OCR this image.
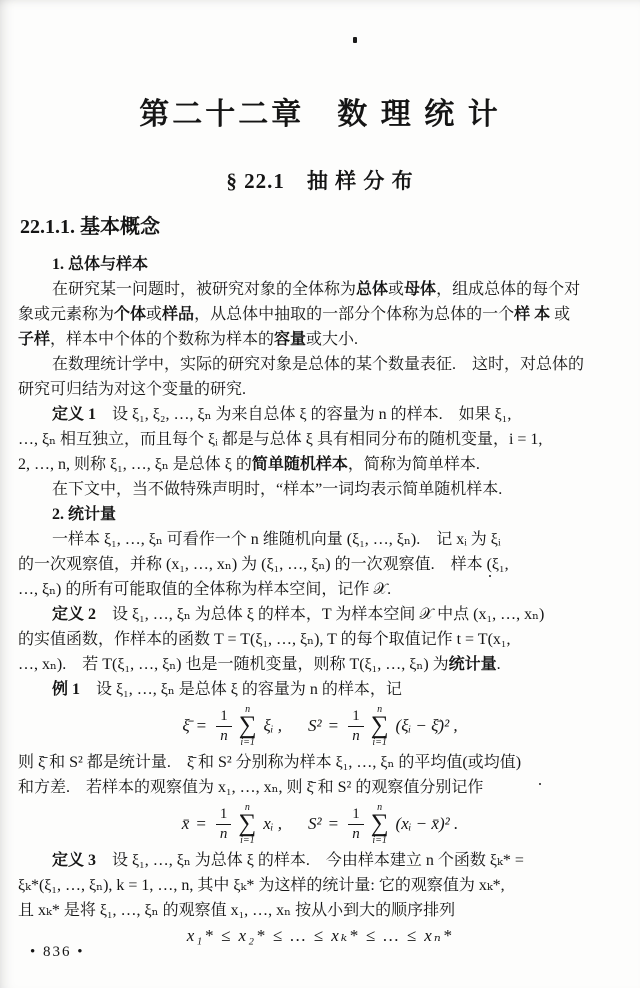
第二十二章　数 理 统 计
§ 22.1　抽 样 分 布
22.1.1. 基本概念
1. 总体与样本
在研究某一问题时，被研究对象的全体称为总体或母体，组成总体的每个对
象或元素称为个体或样品，从总体中抽取的一部分个体称为总体的一个样 本 或
子样，样本中个体的个数称为样本的容量或大小.
在数理统计学中，实际的研究对象是总体的某个数量表征.　这时，对总体的
研究可归结为对这个变量的研究.
定义 1　设 ξ₁, ξ₂, …, ξₙ 为来自总体 ξ 的容量为 n 的样本.　如果 ξ₁,
…, ξₙ 相互独立，而且每个 ξᵢ 都是与总体 ξ 具有相同分布的随机变量，i = 1,
2, …, n, 则称 ξ₁, …, ξₙ 是总体 ξ 的简单随机样本，简称为简单样本.
在下文中，当不做特殊声明时，“样本”一词均表示简单随机样本.
2. 统计量
一样本 ξ₁, …, ξₙ 可看作一个 n 维随机向量 (ξ₁, …, ξₙ).　记 xᵢ 为 ξᵢ
的一次观察值，并称 (x₁, …, xₙ) 为 (ξ₁, …, ξₙ) 的一次观察值.　样本 (ξ₁,
…, ξₙ) 的所有可能取值的全体称为样本空间，记作 𝒳.
定义 2　设 ξ₁, …, ξₙ 为总体 ξ 的样本，T 为样本空间 𝒳 中点 (x₁, …, xₙ)
的实值函数，作样本的函数 T = T(ξ₁, …, ξₙ), T 的每个取值记作 t = T(x₁,
…, xₙ).　若 T(ξ₁, …, ξₙ) 也是一随机变量，则称 T(ξ₁, …, ξₙ) 为统计量.
例 1　设 ξ₁, …, ξₙ 是总体 ξ 的容量为 n 的样本，记
ξ̄ = $\frac{1}{n}$ n
∑
i=1
ξᵢ , $S^2 = \frac{1}{n}$ n
∑
i=1
(ξᵢ − ξ̄)² ,
则 ξ̄ 和 S² 都是统计量.　ξ̄ 和 S² 分别称为样本 ξ₁, …, ξₙ 的平均值(或均值)
和方差.　若样本的观察值为 x₁, …, xₙ, 则 ξ̄ 和 S² 的观察值分别记作
x̄ = $\frac{1}{n}$ n
∑
i=1
xᵢ , $S^2 = \frac{1}{n}$ n
∑
i=1
(xᵢ − x̄)² .
定义 3　设 ξ₁, …, ξₙ 为总体 ξ 的样本.　今由样本建立 n 个函数 ξₖ* =
ξₖ*(ξ₁, …, ξₙ), k = 1, …, n, 其中 ξₖ* 为这样的统计量: 它的观察值为 xₖ*,
且 xₖ* 是将 ξ₁, …, ξₙ 的观察值 x₁, …, xₙ 按从小到大的顺序排列
x₁* ≤ x₂* ≤ … ≤ xₖ* ≤ … ≤ xₙ*
• 836 •
